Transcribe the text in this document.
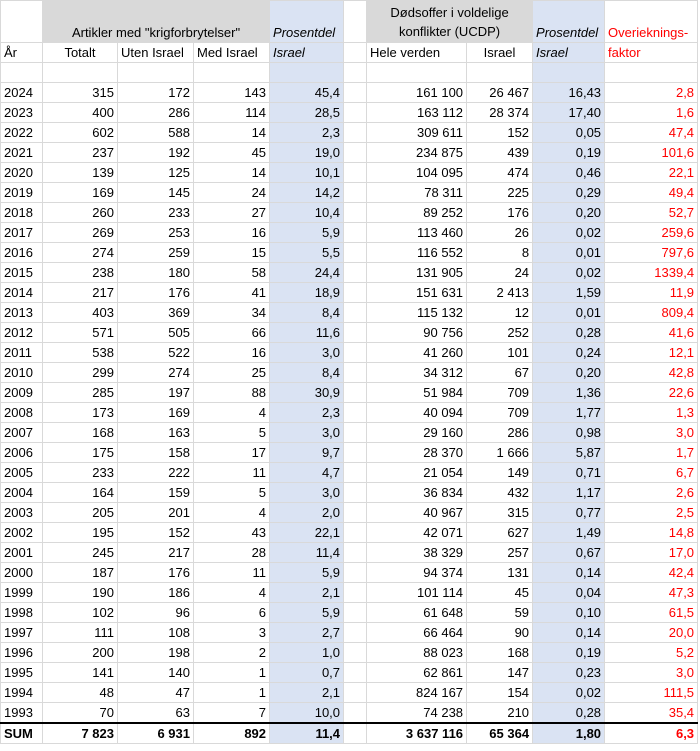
	Artikler med "krigforbrytelser"			Prosentdel		Dødsoffer i voldelige
konflikter (UCDP)		Prosentdel	Overieknings-
År	Totalt	Uten Israel	Med Israel	Israel		Hele verden	Israel	Israel	faktor

2024	315	172	143	45,4		161 100	26 467	16,43	2,8
2023	400	286	114	28,5		163 112	28 374	17,40	1,6
2022	602	588	14	2,3		309 611	152	0,05	47,4
2021	237	192	45	19,0		234 875	439	0,19	101,6
2020	139	125	14	10,1		104 095	474	0,46	22,1
2019	169	145	24	14,2		78 311	225	0,29	49,4
2018	260	233	27	10,4		89 252	176	0,20	52,7
2017	269	253	16	5,9		113 460	26	0,02	259,6
2016	274	259	15	5,5		116 552	8	0,01	797,6
2015	238	180	58	24,4		131 905	24	0,02	1339,4
2014	217	176	41	18,9		151 631	2 413	1,59	11,9
2013	403	369	34	8,4		115 132	12	0,01	809,4
2012	571	505	66	11,6		90 756	252	0,28	41,6
2011	538	522	16	3,0		41 260	101	0,24	12,1
2010	299	274	25	8,4		34 312	67	0,20	42,8
2009	285	197	88	30,9		51 984	709	1,36	22,6
2008	173	169	4	2,3		40 094	709	1,77	1,3
2007	168	163	5	3,0		29 160	286	0,98	3,0
2006	175	158	17	9,7		28 370	1 666	5,87	1,7
2005	233	222	11	4,7		21 054	149	0,71	6,7
2004	164	159	5	3,0		36 834	432	1,17	2,6
2003	205	201	4	2,0		40 967	315	0,77	2,5
2002	195	152	43	22,1		42 071	627	1,49	14,8
2001	245	217	28	11,4		38 329	257	0,67	17,0
2000	187	176	11	5,9		94 374	131	0,14	42,4
1999	190	186	4	2,1		101 114	45	0,04	47,3
1998	102	96	6	5,9		61 648	59	0,10	61,5
1997	111	108	3	2,7		66 464	90	0,14	20,0
1996	200	198	2	1,0		88 023	168	0,19	5,2
1995	141	140	1	0,7		62 861	147	0,23	3,0
1994	48	47	1	2,1		824 167	154	0,02	111,5
1993	70	63	7	10,0		74 238	210	0,28	35,4
SUM	7 823	6 931	892	11,4		3 637 116	65 364	1,80	6,3
